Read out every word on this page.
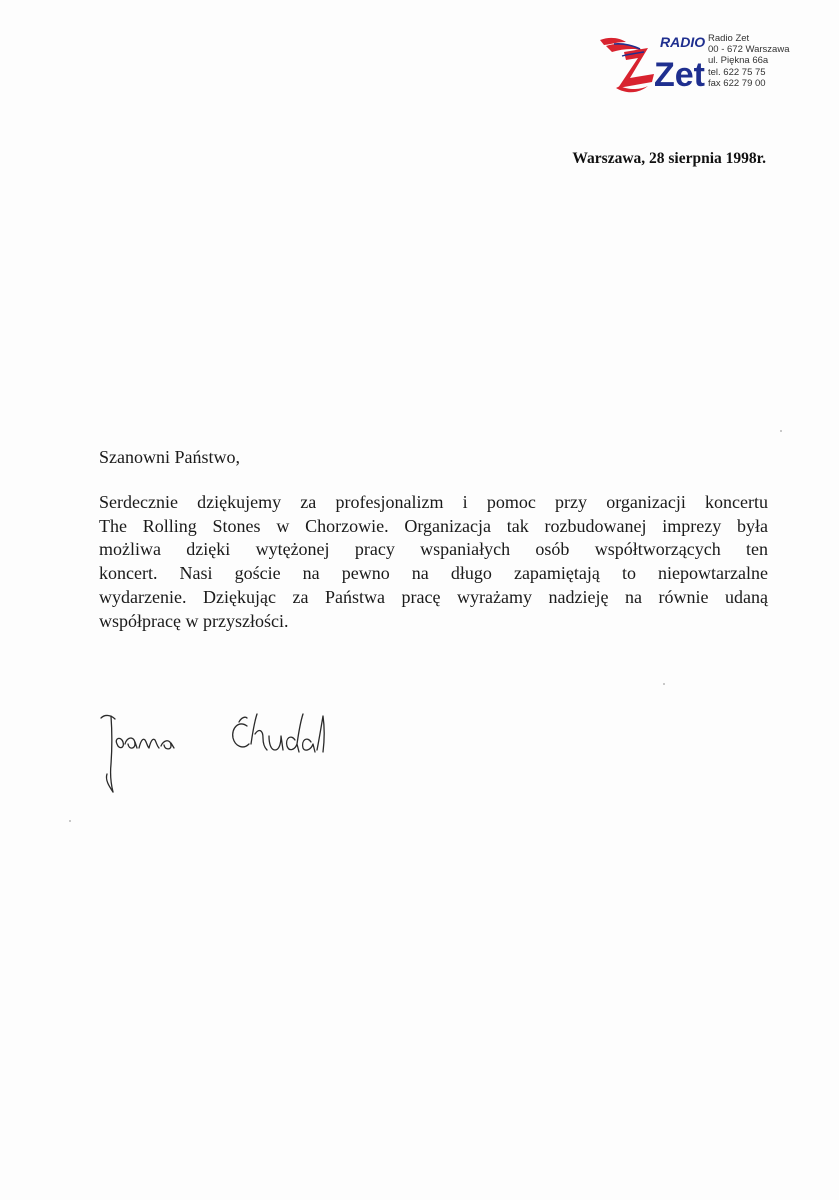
Zet
RADIO Radio Zet
00 - 672 Warszawa
ul. Piękna 66a
tel. 622 75 75
fax 622 79 00
Warszawa, 28 sierpnia 1998r.
Szanowni Państwo,
Serdecznie dziękujemy za profesjonalizm i pomoc przy organizacji koncertu
The Rolling Stones w Chorzowie. Organizacja tak rozbudowanej imprezy była
możliwa dzięki wytężonej pracy wspaniałych osób współtworzących ten
koncert. Nasi goście na pewno na długo zapamiętają to niepowtarzalne
wydarzenie. Dziękując za Państwa pracę wyrażamy nadzieję na równie udaną
współpracę w przyszłości.
